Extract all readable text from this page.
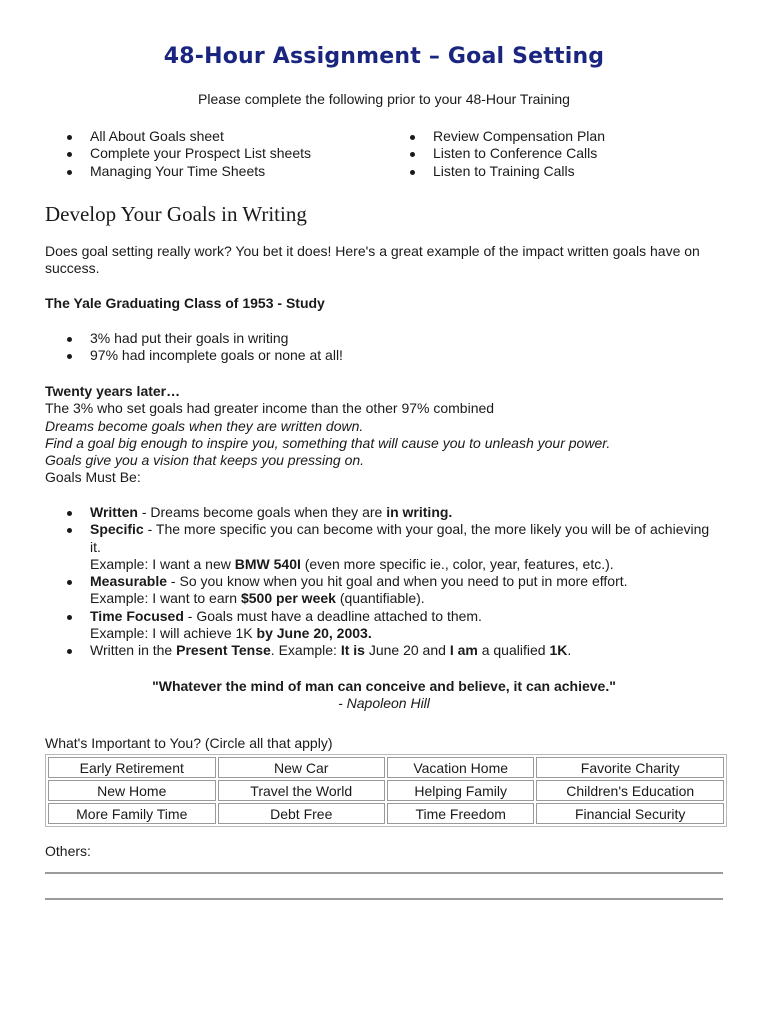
48-Hour Assignment – Goal Setting
Please complete the following prior to your 48-Hour Training
All About Goals sheet
Complete your Prospect List sheets
Managing Your Time Sheets
Review Compensation Plan
Listen to Conference Calls
Listen to Training Calls
Develop Your Goals in Writing
Does goal setting really work? You bet it does! Here's a great example of the impact written goals have on success.
The Yale Graduating Class of 1953 - Study
3% had put their goals in writing
97% had incomplete goals or none at all!
Twenty years later…
The 3% who set goals had greater income than the other 97% combined
Dreams become goals when they are written down.
Find a goal big enough to inspire you, something that will cause you to unleash your power.
Goals give you a vision that keeps you pressing on.
Goals Must Be:
Written - Dreams become goals when they are in writing.
Specific - The more specific you can become with your goal, the more likely you will be of achieving it.
Example: I want a new BMW 540I (even more specific ie., color, year, features, etc.).
Measurable - So you know when you hit goal and when you need to put in more effort.
Example: I want to earn $500 per week (quantifiable).
Time Focused - Goals must have a deadline attached to them.
Example: I will achieve 1K by June 20, 2003.
Written in the Present Tense. Example: It is June 20 and I am a qualified 1K.
"Whatever the mind of man can conceive and believe, it can achieve."
- Napoleon Hill
What's Important to You? (Circle all that apply)
Early Retirement	New Car	Vacation Home	Favorite Charity
New Home	Travel the World	Helping Family	Children's Education
More Family Time	Debt Free	Time Freedom	Financial Security
Others:
